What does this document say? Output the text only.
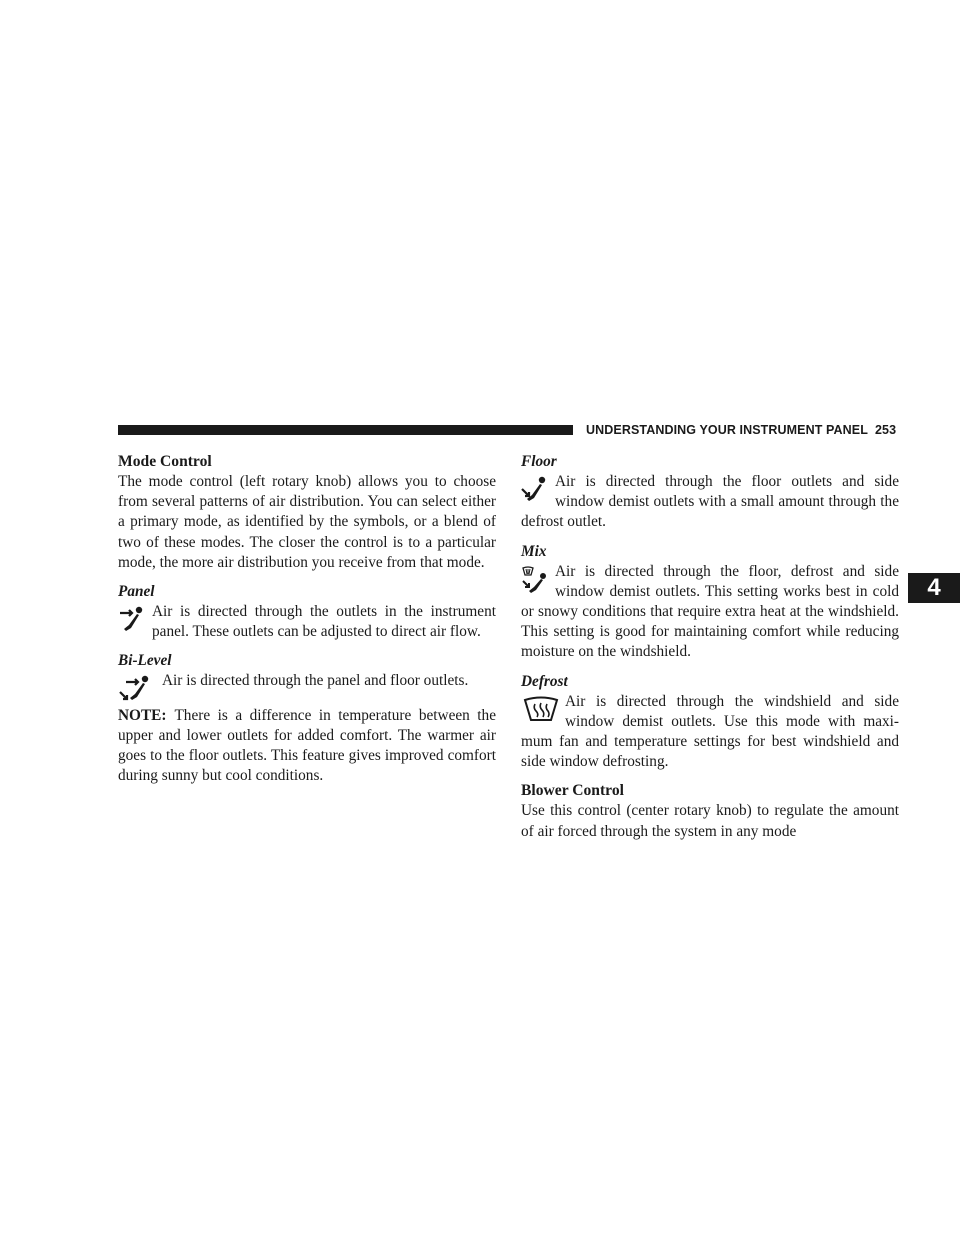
UNDERSTANDING YOUR INSTRUMENT PANEL 253
4
Mode Control

The mode control (left rotary knob) allows you to choose from several patterns of air distribution. You can select either a primary mode, as identified by the symbols, or a blend of two of these modes. The closer the control is to a particular mode, the more air distribution you receive from that mode.

Panel

Air is directed through the outlets in the instrument panel. These outlets can be adjusted to direct air flow.

Bi-Level

Air is directed through the panel and floor outlets.

NOTE: There is a difference in temperature between the upper and lower outlets for added comfort. The warmer air goes to the floor outlets. This feature gives improved comfort during sunny but cool conditions.

Floor

Air is directed through the floor outlets and side window demist outlets with a small amount through the defrost outlet.

Mix

Air is directed through the floor, defrost and side window demist outlets. This setting works best in cold or snowy conditions that require extra heat at the windshield. This setting is good for maintaining comfort while reducing moisture on the windshield.

Defrost

Air is directed through the windshield and side window demist outlets. Use this mode with maxi-mum fan and temperature settings for best windshield and side window defrosting.

Blower Control

Use this control (center rotary knob) to regulate the amount of air forced through the system in any mode
